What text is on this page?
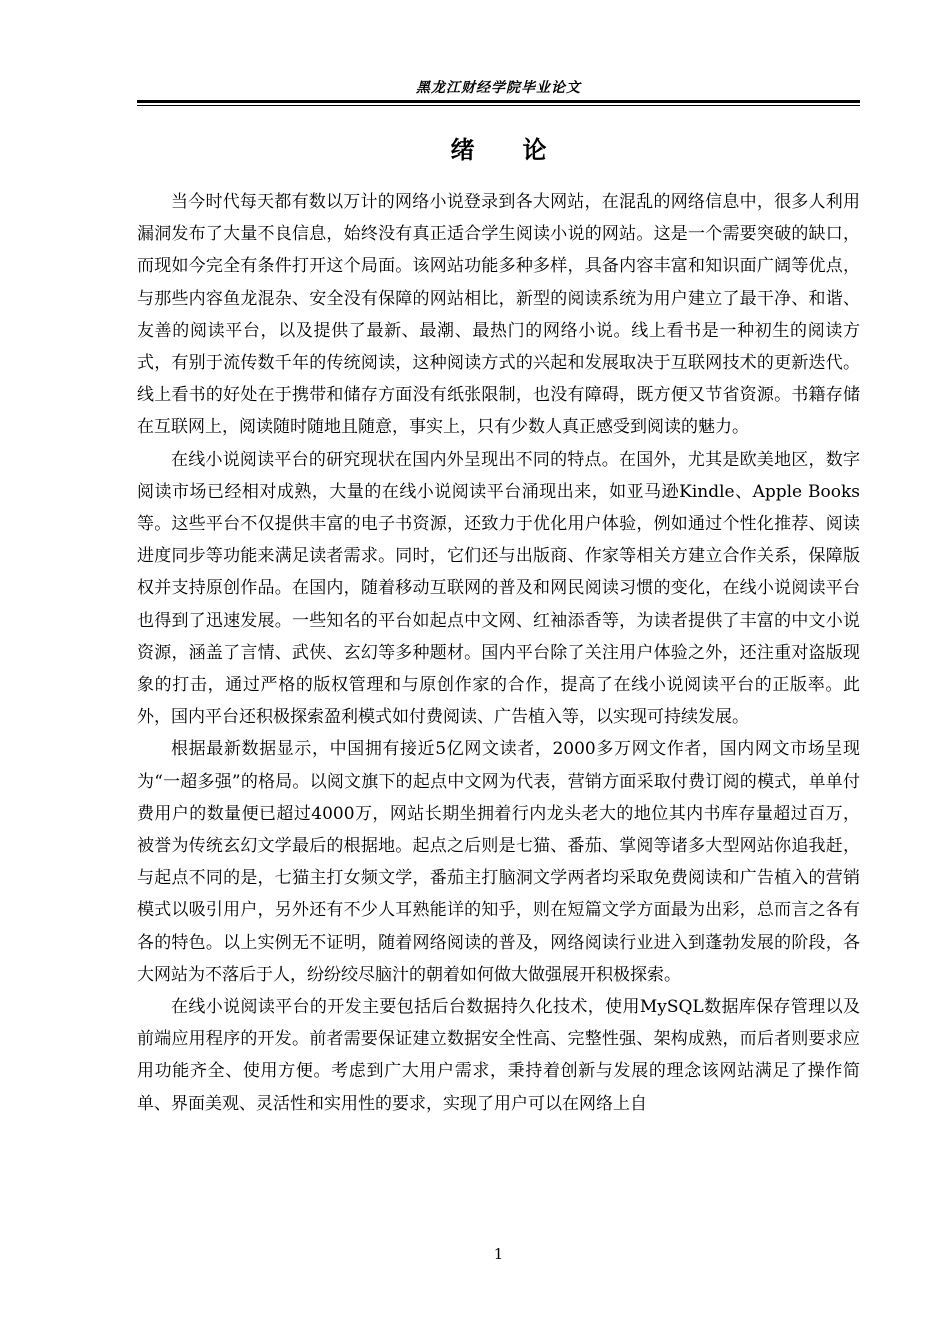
黑龙江财经学院毕业论文
绪论

当今时代每天都有数以万计的网络小说登录到各大网站，在混乱的网络信息中，很多人利用漏洞发布了大量不良信息，始终没有真正适合学生阅读小说的网站。这是一个需要突破的缺口，而现如今完全有条件打开这个局面。该网站功能多种多样，具备内容丰富和知识面广阔等优点，与那些内容鱼龙混杂、安全没有保障的网站相比，新型的阅读系统为用户建立了最干净、和谐、友善的阅读平台，以及提供了最新、最潮、最热门的网络小说。线上看书是一种初生的阅读方式，有别于流传数千年的传统阅读，这种阅读方式的兴起和发展取决于互联网技术的更新迭代。线上看书的好处在于携带和储存方面没有纸张限制，也没有障碍，既方便又节省资源。书籍存储在互联网上，阅读随时随地且随意，事实上，只有少数人真正感受到阅读的魅力。

在线小说阅读平台的研究现状在国内外呈现出不同的特点。在国外，尤其是欧美地区，数字阅读市场已经相对成熟，大量的在线小说阅读平台涌现出来，如亚马逊Kindle、Apple Books等。这些平台不仅提供丰富的电子书资源，还致力于优化用户体验，例如通过个性化推荐、阅读进度同步等功能来满足读者需求。同时，它们还与出版商、作家等相关方建立合作关系，保障版权并支持原创作品。在国内，随着移动互联网的普及和网民阅读习惯的变化，在线小说阅读平台也得到了迅速发展。一些知名的平台如起点中文网、红袖添香等，为读者提供了丰富的中文小说资源，涵盖了言情、武侠、玄幻等多种题材。国内平台除了关注用户体验之外，还注重对盗版现象的打击，通过严格的版权管理和与原创作家的合作，提高了在线小说阅读平台的正版率。此外，国内平台还积极探索盈利模式如付费阅读、广告植入等，以实现可持续发展。

根据最新数据显示，中国拥有接近5亿网文读者，2000多万网文作者，国内网文市场呈现为“一超多强”的格局。以阅文旗下的起点中文网为代表，营销方面采取付费订阅的模式，单单付费用户的数量便已超过4000万，网站长期坐拥着行内龙头老大的地位其内书库存量超过百万，被誉为传统玄幻文学最后的根据地。起点之后则是七猫、番茄、掌阅等诸多大型网站你追我赶，与起点不同的是，七猫主打女频文学，番茄主打脑洞文学两者均采取免费阅读和广告植入的营销模式以吸引用户，另外还有不少人耳熟能详的知乎，则在短篇文学方面最为出彩，总而言之各有各的特色。以上实例无不证明，随着网络阅读的普及，网络阅读行业进入到蓬勃发展的阶段，各大网站为不落后于人，纷纷绞尽脑汁的朝着如何做大做强展开积极探索。

在线小说阅读平台的开发主要包括后台数据持久化技术，使用MySQL数据库保存管理以及前端应用程序的开发。前者需要保证建立数据安全性高、完整性强、架构成熟，而后者则要求应用功能齐全、使用方便。考虑到广大用户需求，秉持着创新与发展的理念该网站满足了操作简单、界面美观、灵活性和实用性的要求，实现了用户可以在网络上自

1
